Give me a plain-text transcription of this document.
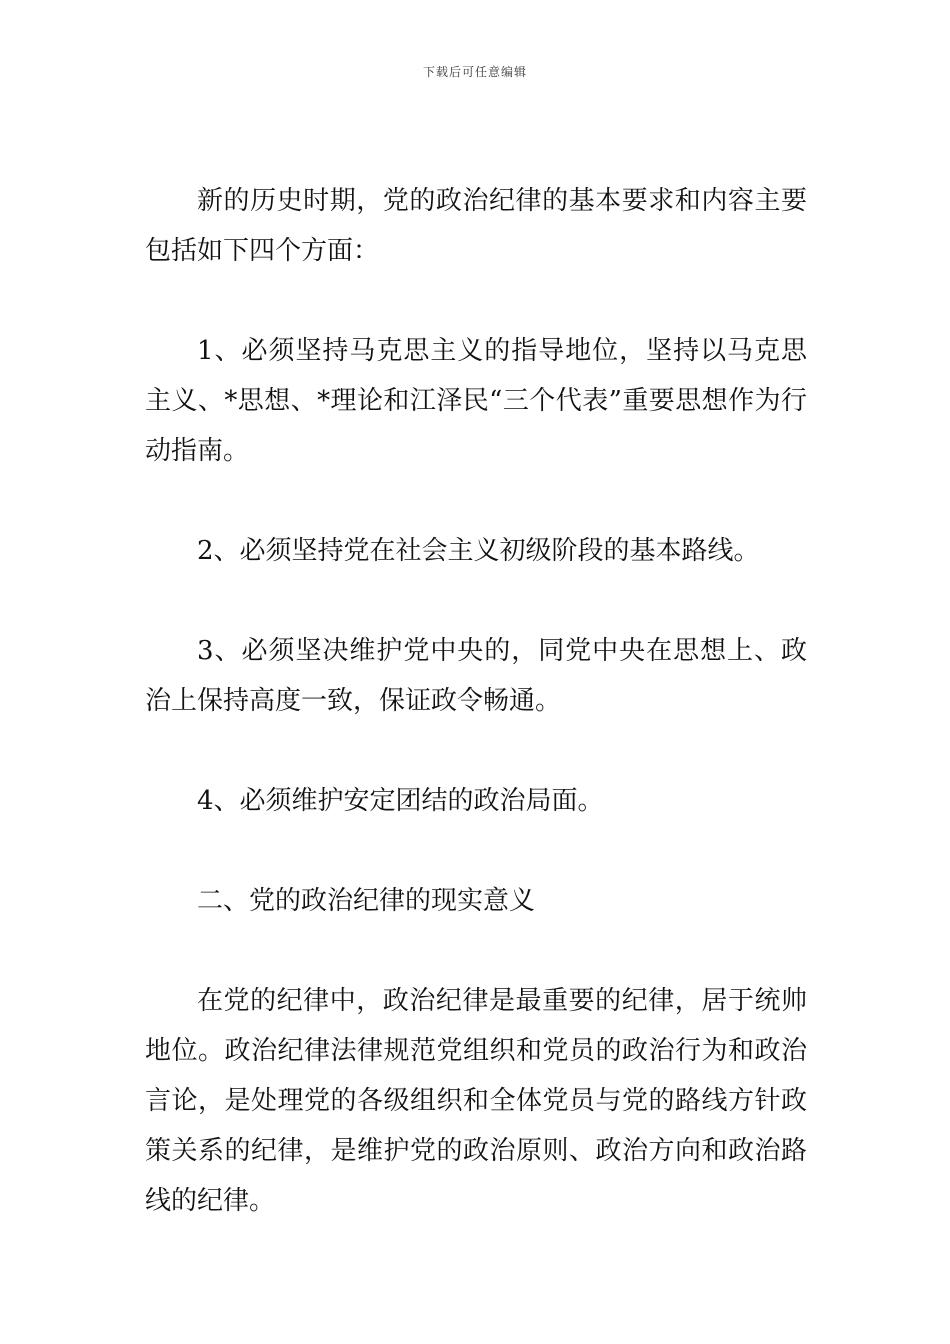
下载后可任意编辑

新的历史时期，党的政治纪律的基本要求和内容主要包括如下四个方面：

1、必须坚持马克思主义的指导地位，坚持以马克思主义、*思想、*理论和江泽民“三个代表”重要思想作为行动指南。

2、必须坚持党在社会主义初级阶段的基本路线。

3、必须坚决维护党中央的，同党中央在思想上、政治上保持高度一致，保证政令畅通。

4、必须维护安定团结的政治局面。

二、党的政治纪律的现实意义

在党的纪律中，政治纪律是最重要的纪律，居于统帅地位。政治纪律法律规范党组织和党员的政治行为和政治言论，是处理党的各级组织和全体党员与党的路线方针政策关系的纪律，是维护党的政治原则、政治方向和政治路线的纪律。
